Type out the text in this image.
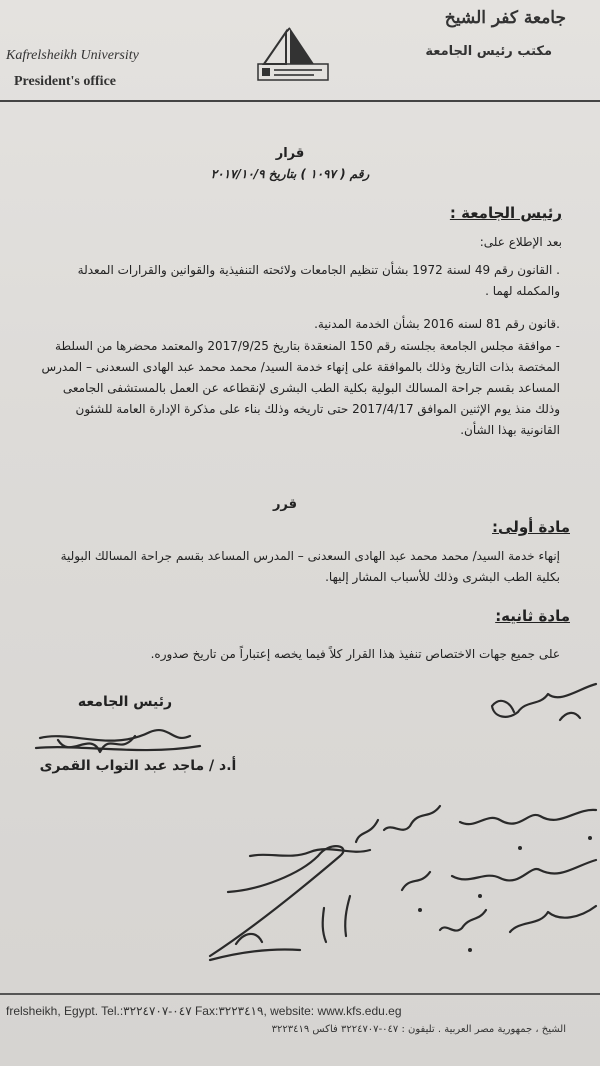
جامعة كفر الشيخ
مكتب رئيس الجامعة
Kafrelsheikh University
President's office
قرار
رقم ( ١٠٩٧ ) بتاريخ ٢٠١٧/١٠/٩
رئيس الجامعة :
بعد الإطلاع على:
. القانون رقم 49 لسنة 1972 بشأن تنظيم الجامعات ولائحته التنفيذية والقوانين والقرارات المعدلة والمكمله لهما .
.قانون رقم 81 لسنه 2016 بشأن الخدمة المدنية.
- موافقة مجلس الجامعة بجلسته رقم 150 المنعقدة بتاريخ 2017/9/25 والمعتمد محضرها من السلطة المختصة بذات التاريخ وذلك بالموافقة على إنهاء خدمة السيد/ محمد محمد عبد الهادى السعدنى – المدرس المساعد بقسم جراحة المسالك البولية بكلية الطب البشرى لإنقطاعه عن العمل بالمستشفى الجامعى وذلك منذ يوم الإثنين الموافق 2017/4/17 حتى تاريخه وذلك بناء على مذكرة الإدارة العامة للشئون القانونية بهذا الشأن.
قرر
مادة أولى:
إنهاء خدمة السيد/ محمد محمد عبد الهادى السعدنى – المدرس المساعد بقسم جراحة المسالك البولية بكلية الطب البشرى وذلك للأسباب المشار إليها.
مادة ثانيه:
على جميع جهات الاختصاص تنفيذ هذا القرار كلاً فيما يخصه إعتباراً من تاريخ صدوره.
رئيس الجامعه
أ.د / ماجد عبد التواب القمرى
frelsheikh, Egypt. Tel.:٠٤٧-٣٢٢٤٧٠٧ Fax:٣٢٢٣٤١٩, website: www.kfs.edu.eg
الشيخ ، جمهورية مصر العربية . تليفون : ٠٤٧-٣٢٢٤٧٠٧ فاكس ٣٢٢٣٤١٩
